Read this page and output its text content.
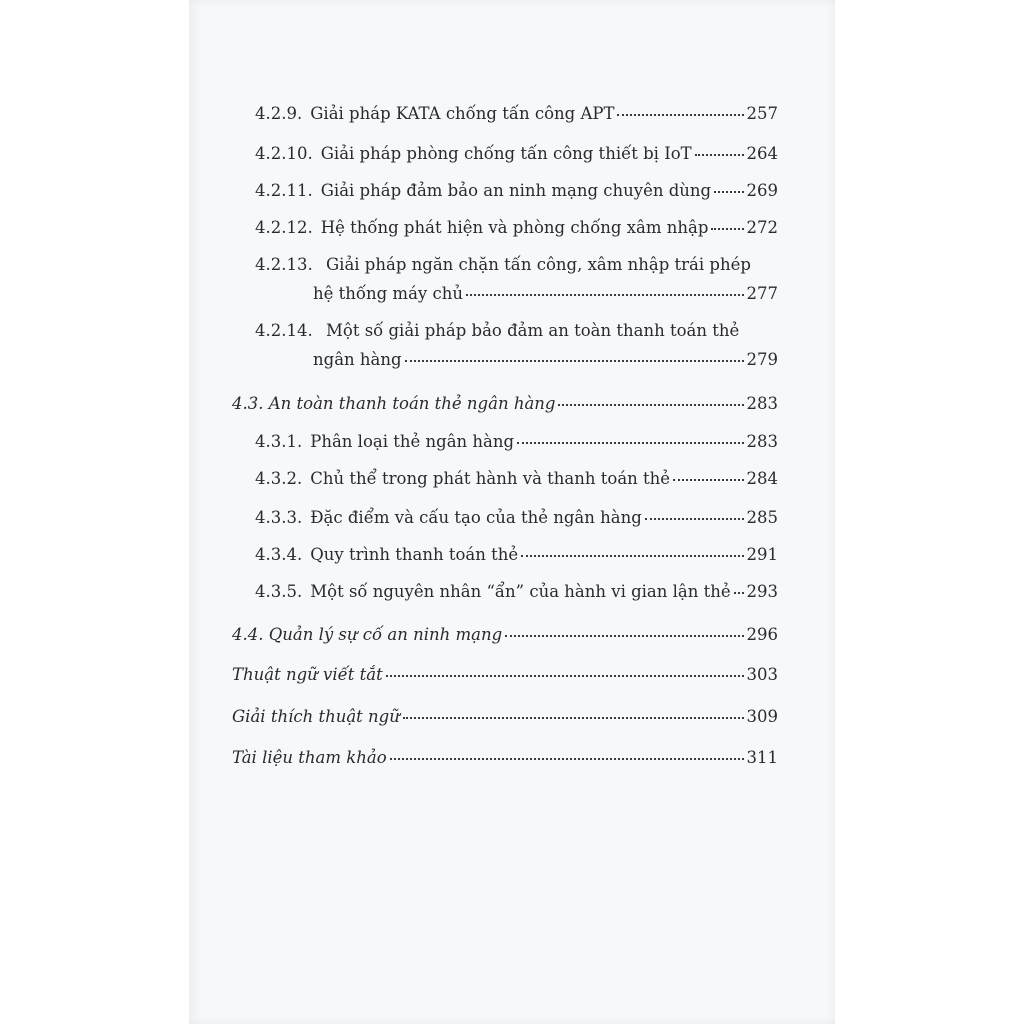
4.2.9. Giải pháp KATA chống tấn công APT	257
4.2.10. Giải pháp phòng chống tấn công thiết bị IoT	264
4.2.11. Giải pháp đảm bảo an ninh mạng chuyên dùng 269
4.2.12. Hệ thống phát hiện và phòng chống xâm nhập 272
4.2.13. Giải pháp ngăn chặn tấn công, xâm nhập trái phép
hệ thống máy chủ	277
4.2.14. Một số giải pháp bảo đảm an toàn thanh toán thẻ
ngân hàng	279
4.3. An toàn thanh toán thẻ ngân hàng	283
4.3.1. Phân loại thẻ ngân hàng	283
4.3.2. Chủ thể trong phát hành và thanh toán thẻ	284
4.3.3. Đặc điểm và cấu tạo của thẻ ngân hàng	285
4.3.4. Quy trình thanh toán thẻ	291
4.3.5. Một số nguyên nhân “ẩn” của hành vi gian lận thẻ 293
4.4. Quản lý sự cố an ninh mạng	296
Thuật ngữ viết tắt	303
Giải thích thuật ngữ	309
Tài liệu tham khảo	311
